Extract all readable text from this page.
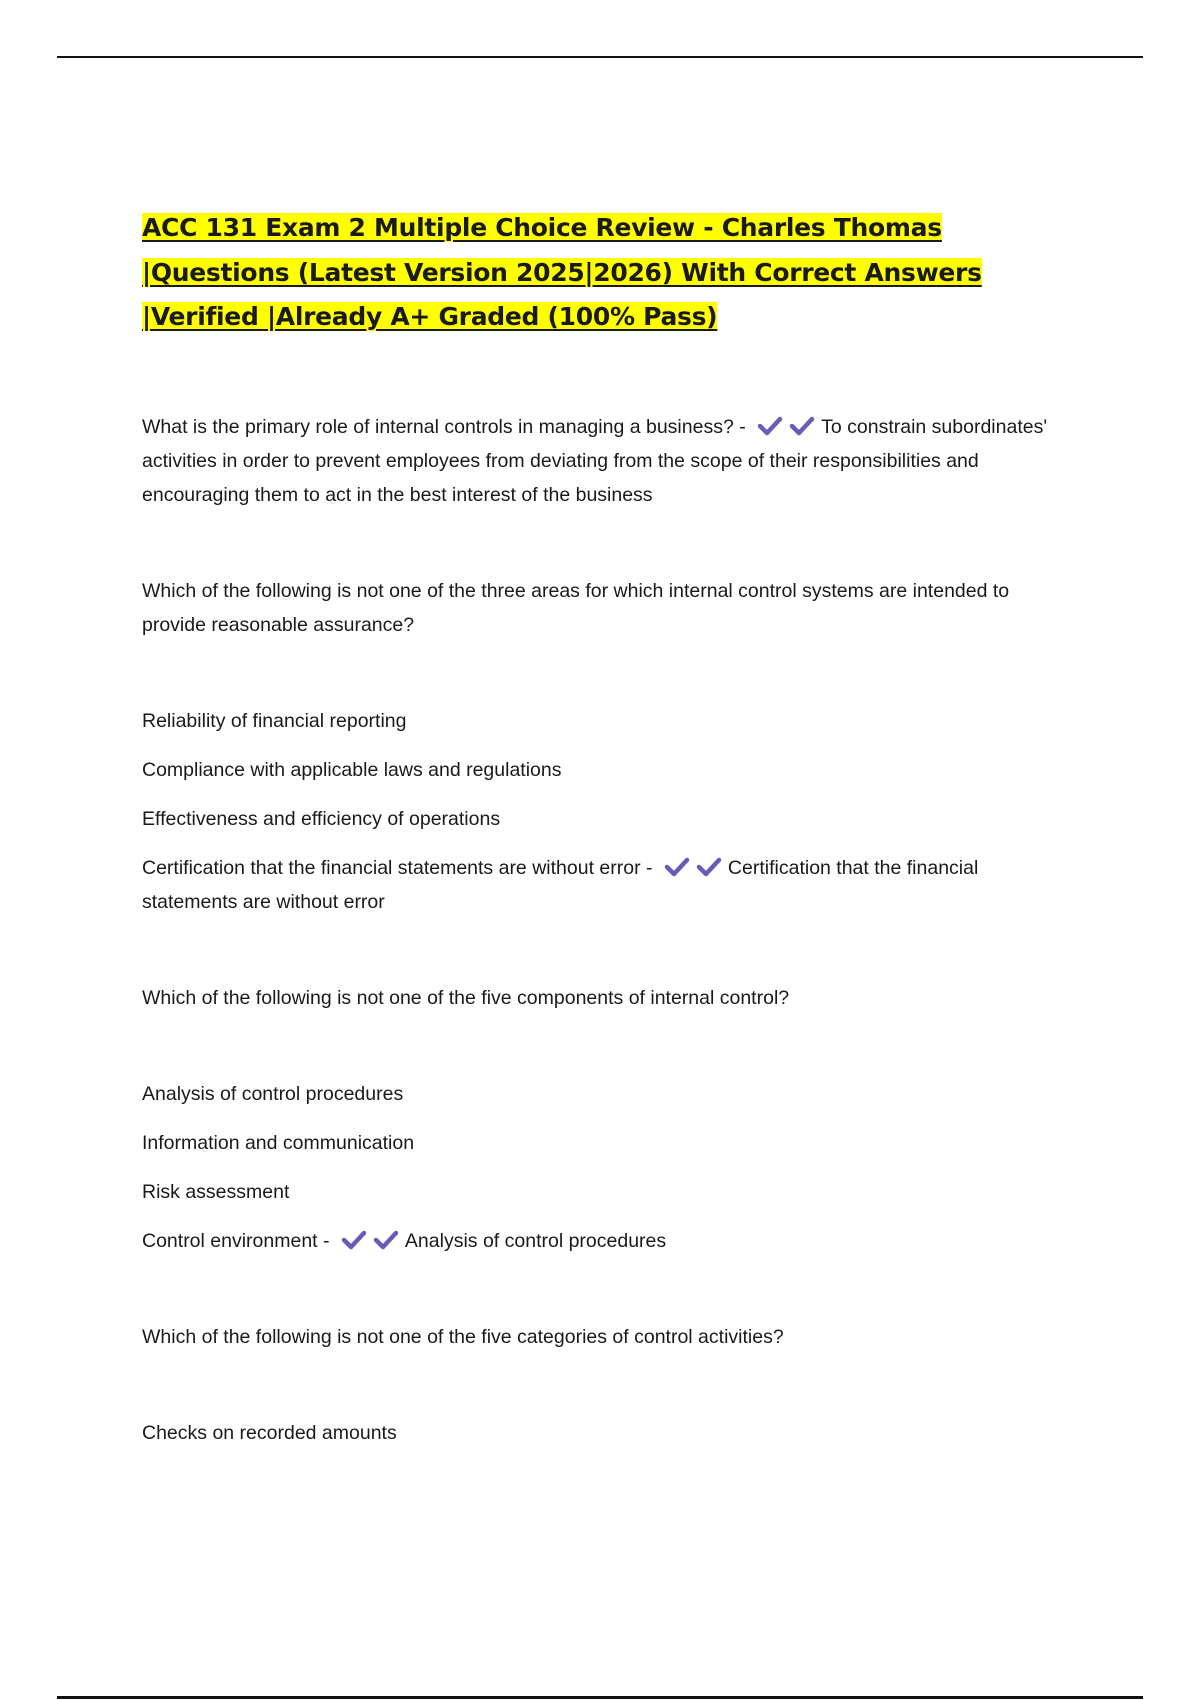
ACC 131 Exam 2 Multiple Choice Review - Charles Thomas |Questions (Latest Version 2025|2026) With Correct Answers |Verified |Already A+ Graded (100% Pass)

What is the primary role of internal controls in managing a business? -	To constrain subordinates' activities in order to prevent employees from deviating from the scope of their responsibilities and encouraging them to act in the best interest of the business

Which of the following is not one of the three areas for which internal control systems are intended to provide reasonable assurance?

Reliability of financial reporting

Compliance with applicable laws and regulations

Effectiveness and efficiency of operations

Certification that the financial statements are without error -	Certification that the financial statements are without error

Which of the following is not one of the five components of internal control?

Analysis of control procedures

Information and communication

Risk assessment

Control environment -	Analysis of control procedures

Which of the following is not one of the five categories of control activities?

Checks on recorded amounts
